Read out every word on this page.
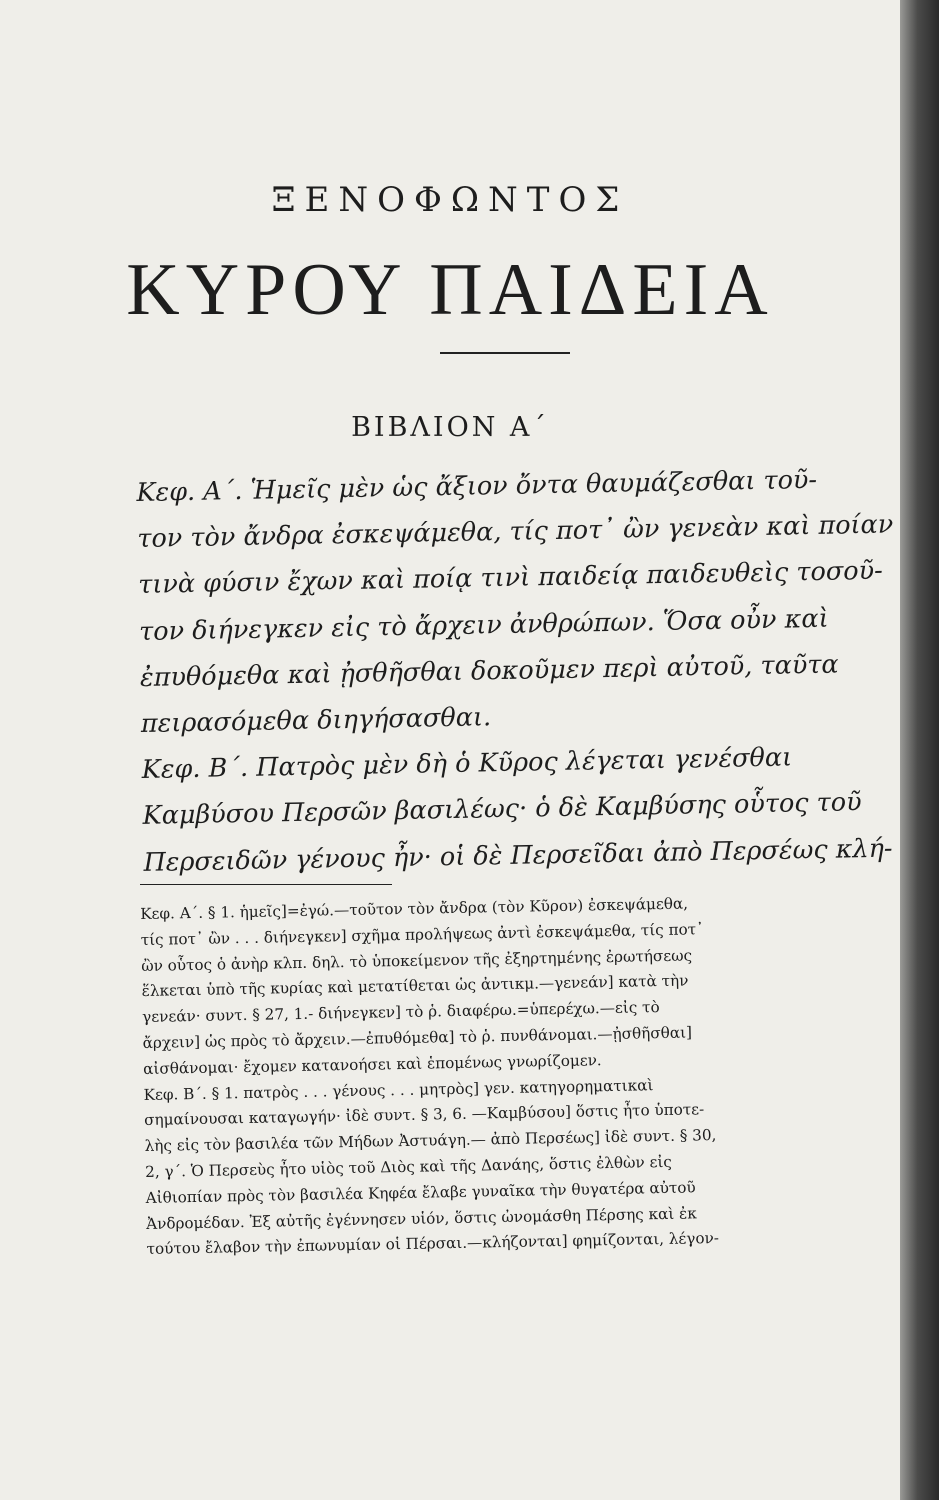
ΞΕΝΟΦΩΝΤΟΣ
ΚΥΡΟΥ ΠΑΙΔΕΙΑ
ΒΙΒΛΙΟΝ Α΄
Κεφ. Α΄. Ἡμεῖς μὲν ὡς ἄξιον ὄντα θαυμάζεσθαι τοῦ-
τον τὸν ἄνδρα ἐσκεψάμεθα, τίς ποτ᾽ ὢν γενεὰν καὶ ποίαν
τινὰ φύσιν ἔχων καὶ ποίᾳ τινὶ παιδείᾳ παιδευθεὶς τοσοῦ-
τον διήνεγκεν εἰς τὸ ἄρχειν ἀνθρώπων. Ὅσα οὖν καὶ
ἐπυθόμεθα καὶ ᾐσθῆσθαι δοκοῦμεν περὶ αὐτοῦ, ταῦτα
πειρασόμεθα διηγήσασθαι.
Κεφ. Β΄. Πατρὸς μὲν δὴ ὁ Κῦρος λέγεται γενέσθαι
Καμβύσου Περσῶν βασιλέως· ὁ δὲ Καμβύσης οὗτος τοῦ
Περσειδῶν γένους ἦν· οἱ δὲ Περσεῖδαι ἀπὸ Περσέως κλή-
Κεφ. Α΄. § 1. ἡμεῖς]=ἐγώ.—τοῦτον τὸν ἄνδρα (τὸν Κῦρον) ἐσκεψάμεθα,
τίς ποτ᾽ ὢν . . . διήνεγκεν] σχῆμα προλήψεως ἀντὶ ἐσκεψάμεθα, τίς ποτ᾽
ὢν οὗτος ὁ ἀνὴρ κλπ. δηλ. τὸ ὑποκείμενον τῆς ἐξηρτημένης ἐρωτήσεως
ἕλκεται ὑπὸ τῆς κυρίας καὶ μετατίθεται ὡς ἀντικμ.—γενεάν] κατὰ τὴν
γενεάν· συντ. § 27, 1.- διήνεγκεν] τὸ ῥ. διαφέρω.=ὑπερέχω.—εἰς τὸ
ἄρχειν] ὡς πρὸς τὸ ἄρχειν.—ἐπυθόμεθα] τὸ ῥ. πυνθάνομαι.—ᾐσθῆσθαι]
αἰσθάνομαι· ἔχομεν κατανοήσει καὶ ἑπομένως γνωρίζομεν.
Κεφ. Β΄. § 1. πατρὸς . . . γένους . . . μητρὸς] γεν. κατηγορηματικαὶ
σημαίνουσαι καταγωγήν· ἰδὲ συντ. § 3, 6. —Καμβύσου] ὅστις ἦτο ὑποτε-
λὴς εἰς τὸν βασιλέα τῶν Μήδων Ἀστυάγη.— ἀπὸ Περσέως] ἰδὲ συντ. § 30,
2, γ΄. Ὁ Περσεὺς ἦτο υἱὸς τοῦ Διὸς καὶ τῆς Δανάης, ὅστις ἐλθὼν εἰς
Αἰθιοπίαν πρὸς τὸν βασιλέα Κηφέα ἔλαβε γυναῖκα τὴν θυγατέρα αὐτοῦ
Ἀνδρομέδαν. Ἐξ αὐτῆς ἐγέννησεν υἱόν, ὅστις ὠνομάσθη Πέρσης καὶ ἐκ
τούτου ἔλαβον τὴν ἐπωνυμίαν οἱ Πέρσαι.—κλήζονται] φημίζονται, λέγον-
